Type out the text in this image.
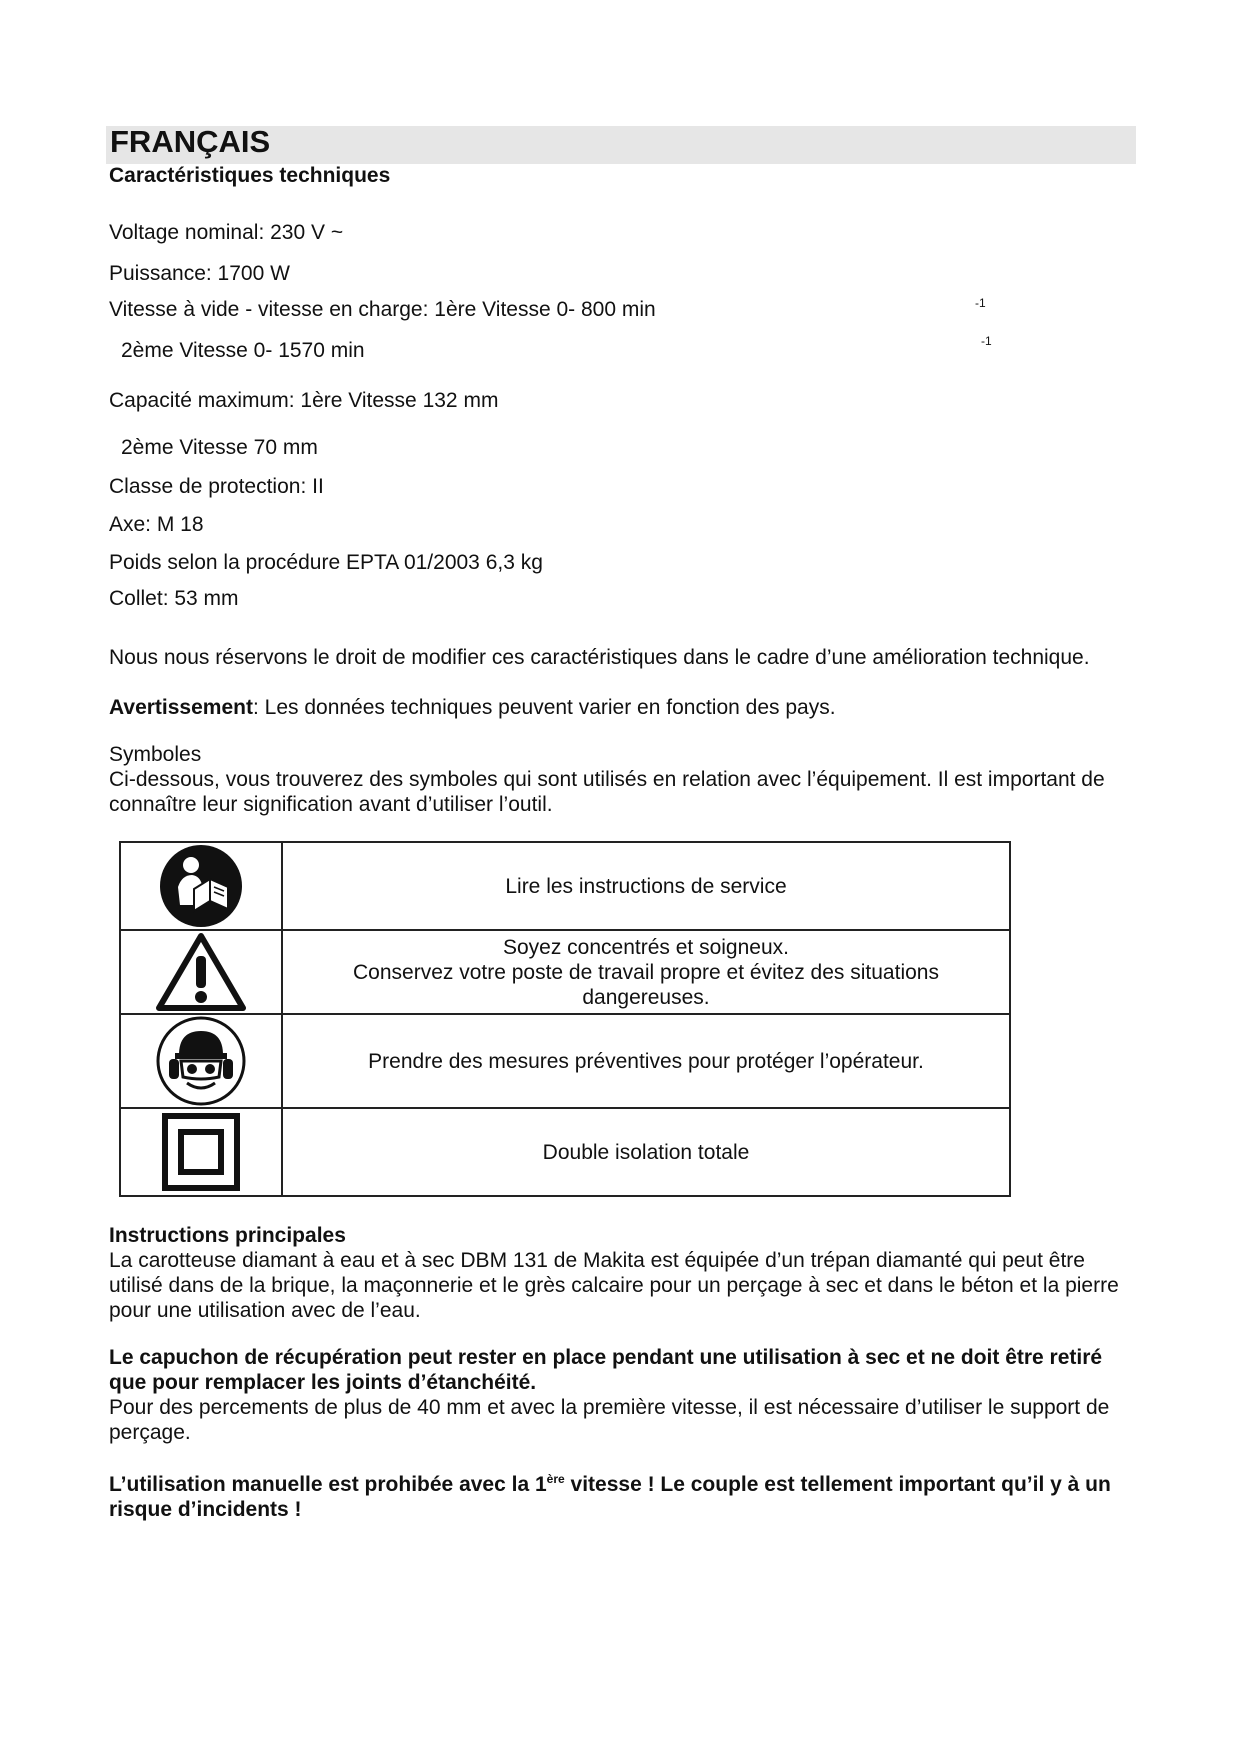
FRANÇAIS
Caractéristiques techniques
Voltage nominal: 230 V ~
Puissance: 1700 W
Vitesse à vide - vitesse en charge: 1ère Vitesse 0- 800 min	-1
2ème Vitesse 0- 1570 min	-1
Capacité maximum: 1ère Vitesse 132 mm
2ème Vitesse 70 mm
Classe de protection: II
Axe: M 18
Poids selon la procédure EPTA 01/2003 6,3 kg
Collet: 53 mm
Nous nous réservons le droit de modifier ces caractéristiques dans le cadre d’une amélioration technique.
Avertissement: Les données techniques peuvent varier en fonction des pays.
Symboles
Ci-dessous, vous trouverez des symboles qui sont utilisés en relation avec l’équipement. Il est important de connaître leur signification avant d’utiliser l’outil.

Lire les instructions de service

Soyez concentrés et soigneux.
Conservez votre poste de travail propre et évitez des situations dangereuses.

Prendre des mesures préventives pour protéger l’opérateur.

Double isolation totale
Instructions principales
La carotteuse diamant à eau et à sec DBM 131 de Makita est équipée d’un trépan diamanté qui peut être utilisé dans de la brique, la maçonnerie et le grès calcaire pour un perçage à sec et dans le béton et la pierre pour une utilisation avec de l’eau.
Le capuchon de récupération peut rester en place pendant une utilisation à sec et ne doit être retiré que pour remplacer les joints d’étanchéité.
Pour des percements de plus de 40 mm et avec la première vitesse, il est nécessaire d’utiliser le support de perçage.
L’utilisation manuelle est prohibée avec la 1ère vitesse ! Le couple est tellement important qu’il y à un risque d’incidents !
